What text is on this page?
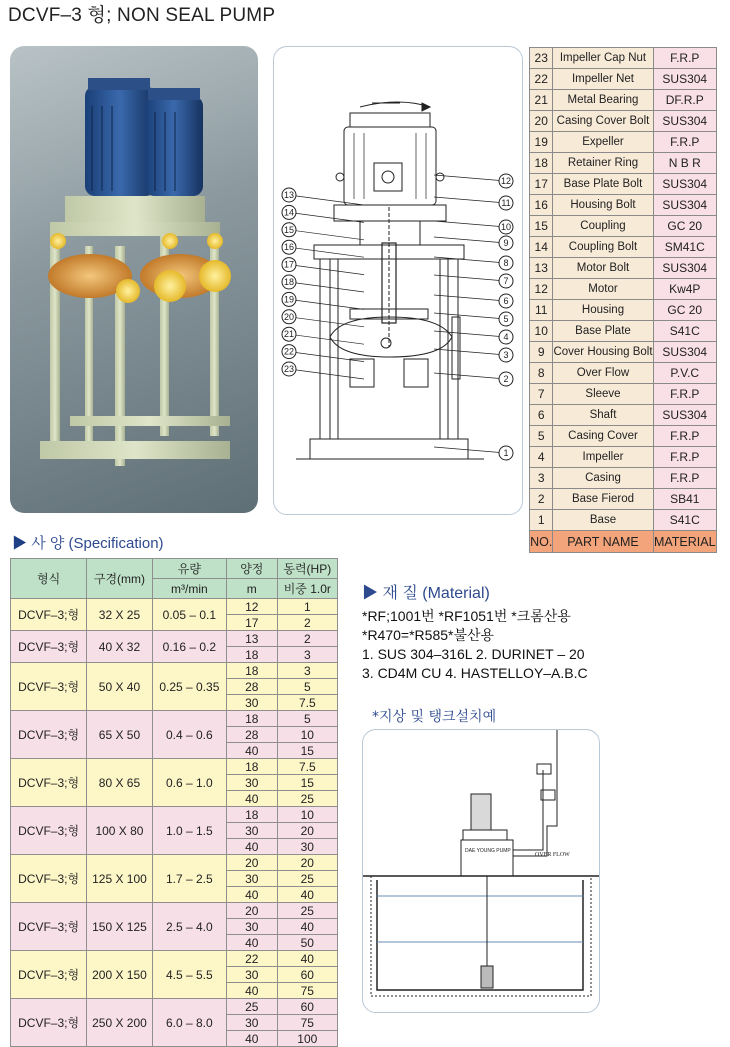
DCVF–3 형; NON SEAL PUMP
13
14
15
16
17
18
19
20
21
22
23
12
11
10
9
8
7
6
5
4
3
2
1
23	Impeller Cap Nut	F.R.P
22	Impeller Net	SUS304
21	Metal Bearing	DF.R.P
20	Casing Cover Bolt	SUS304
19	Expeller	F.R.P
18	Retainer Ring	N B R
17	Base Plate Bolt	SUS304
16	Housing Bolt	SUS304
15	Coupling	GC 20
14	Coupling Bolt	SM41C
13	Motor Bolt	SUS304
12	Motor	Kw4P
11	Housing	GC 20
10	Base Plate	S41C
9	Cover Housing Bolt	SUS304
8	Over Flow	P.V.C
7	Sleeve	F.R.P
6	Shaft	SUS304
5	Casing Cover	F.R.P
4	Impeller	F.R.P
3	Casing	F.R.P
2	Base Fierod	SB41
1	Base	S41C
NO.	PART NAME	MATERIAL
▶ 사 양 (Specification)
형식	구경(mm)	유량	양정	동력(HP)
		m³/min	m	비중 1.0r
DCVF–3;형	32 X 25	0.05 – 0.1	12	1
			17	2
DCVF–3;형	40 X 32	0.16 – 0.2	13	2
			18	3
DCVF–3;형	50 X 40	0.25 – 0.35	18	3
			28	5
			30	7.5
DCVF–3;형	65 X 50	0.4 – 0.6	18	5
			28	10
			40	15
DCVF–3;형	80 X 65	0.6 – 1.0	18	7.5
			30	15
			40	25
DCVF–3;형	100 X 80	1.0 – 1.5	18	10
			30	20
			40	30
DCVF–3;형	125 X 100	1.7 – 2.5	20	20
			30	25
			40	40
DCVF–3;형	150 X 125	2.5 – 4.0	20	25
			30	40
			40	50
DCVF–3;형	200 X 150	4.5 – 5.5	22	40
			30	60
			40	75
DCVF–3;형	250 X 200	6.0 – 8.0	25	60
			30	75
			40	100
▶ 재 질 (Material)
*RF;1001번 *RF1051번 *크롬산용
*R470=*R585*불산용
1. SUS 304–316L 2. DURINET – 20
3. CD4M CU 4. HASTELLOY–A.B.C
*지상 및 탱크설치예
DAE YOUNG PUMP
OVER FLOW
